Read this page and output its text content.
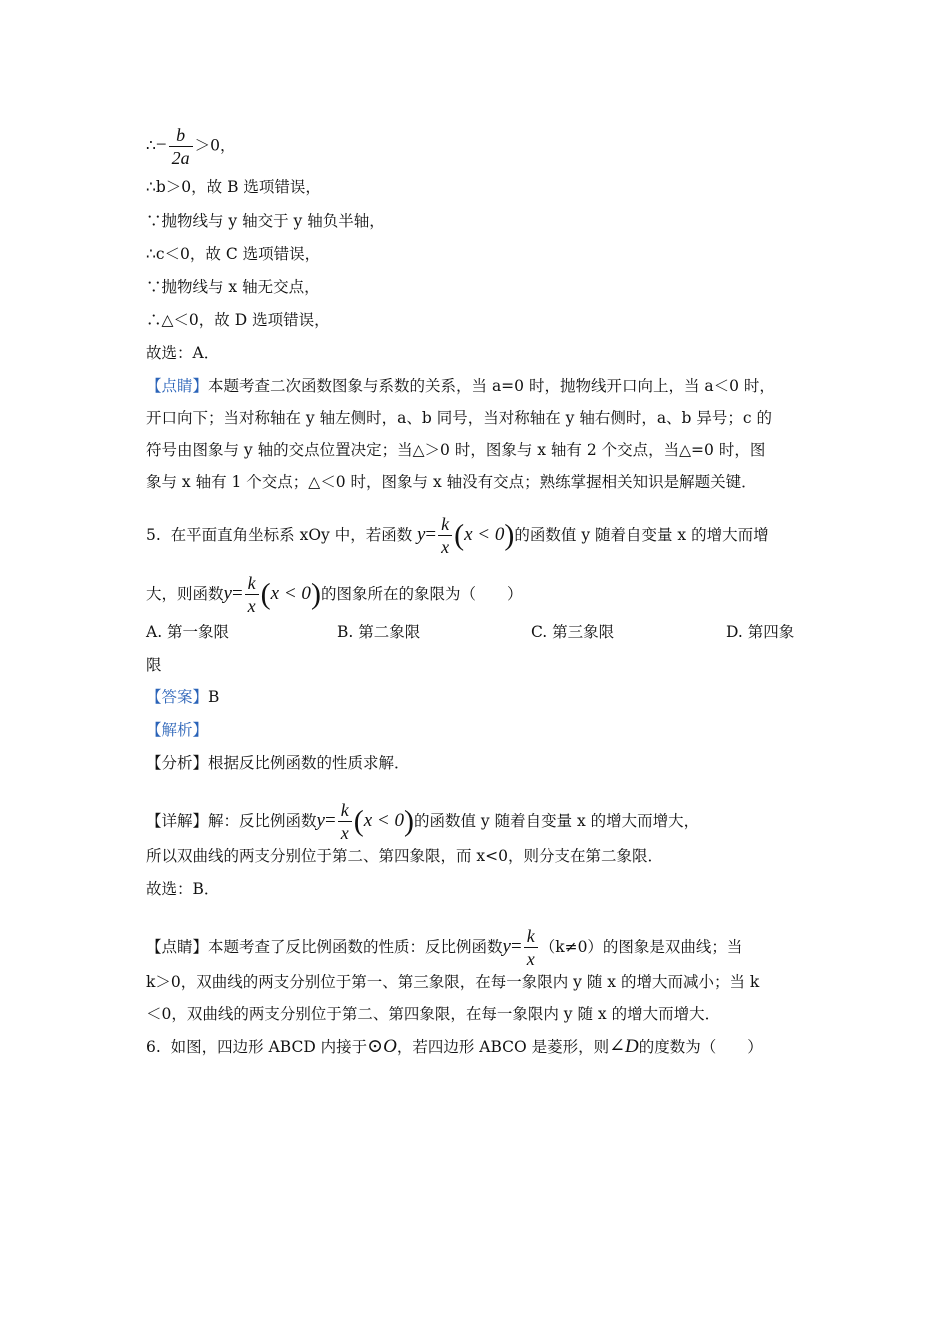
∴− $\frac{b}{2a} >0$，
∴b＞0，故 B 选项错误，
∵抛物线与 y 轴交于 y 轴负半轴，
∴c＜0，故 C 选项错误，
∵抛物线与 x 轴无交点，
∴△＜0，故 D 选项错误，
故选：A．
【点睛】本题考查二次函数图象与系数的关系，当 a=0 时，抛物线开口向上，当 a＜0 时，
开口向下；当对称轴在 y 轴左侧时，a、b 同号，当对称轴在 y 轴右侧时，a、b 异号；c 的
符号由图象与 y 轴的交点位置决定；当△＞0 时，图象与 x 轴有 2 个交点，当△=0 时，图
象与 x 轴有 1 个交点；△＜0 时，图象与 x 轴没有交点；熟练掌握相关知识是解题关键．
5. 在平面直角坐标系 xOy 中，若函数 $y= \frac{k}{x} (x < 0)$的函数值 y 随着自变量 x 的增大而增
大，则函数$y= \frac{k}{x} (x < 0)$的图象所在的象限为（　　）
A. 第一象限	B. 第二象限	C. 第三象限	D. 第四象
限
【答案】B
【解析】
【分析】根据反比例函数的性质求解．
【详解】解：反比例函数$y= \frac{k}{x} (x < 0)$的函数值 y 随着自变量 x 的增大而增大，
所以双曲线的两支分别位于第二、第四象限，而 x<0，则分支在第二象限．
故选：B．
【点睛】本题考查了反比例函数的性质：反比例函数$y= \frac{k}{x} (k\ne 0)$的图象是双曲线；当
k＞0，双曲线的两支分别位于第一、第三象限，在每一象限内 y 随 x 的增大而减小；当 k
＜0，双曲线的两支分别位于第二、第四象限，在每一象限内 y 随 x 的增大而增大．
6. 如图，四边形 ABCD 内接于⊙O，若四边形 ABCO 是菱形，则∠D的度数为（　　）
